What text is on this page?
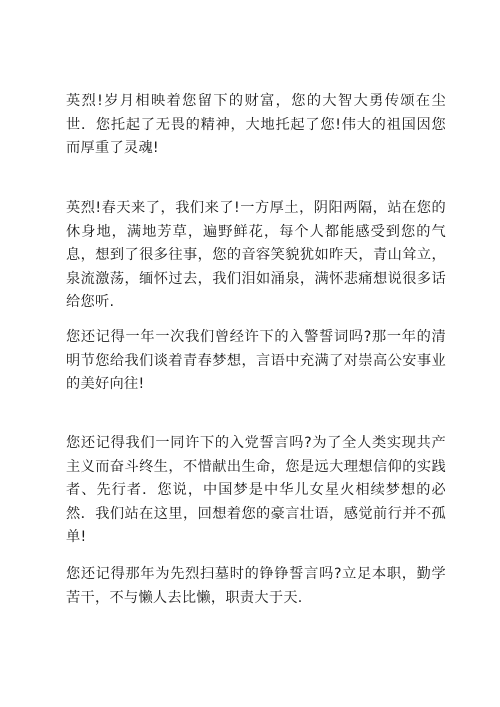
英烈!岁月相映着您留下的财富，您的大智大勇传颂在尘世．您托起了无畏的精神，大地托起了您!伟大的祖国因您而厚重了灵魂!

英烈!春天来了，我们来了!一方厚土，阴阳两隔，站在您的休身地，满地芳草，遍野鲜花，每个人都能感受到您的气息，想到了很多往事，您的音容笑貌犹如昨天，青山耸立，泉流激荡，缅怀过去，我们泪如涌泉，满怀悲痛想说很多话给您听.

您还记得一年一次我们曾经许下的入警誓词吗?那一年的清明节您给我们谈着青春梦想，言语中充满了对崇高公安事业的美好向往!

您还记得我们一同许下的入党誓言吗?为了全人类实现共产主义而奋斗终生，不惜献出生命，您是远大理想信仰的实践者、先行者．您说，中国梦是中华儿女星火相续梦想的必然．我们站在这里，回想着您的豪言壮语，感觉前行并不孤单!

您还记得那年为先烈扫墓时的铮铮誓言吗?立足本职，勤学苦干，不与懒人去比懒，职责大于天.
